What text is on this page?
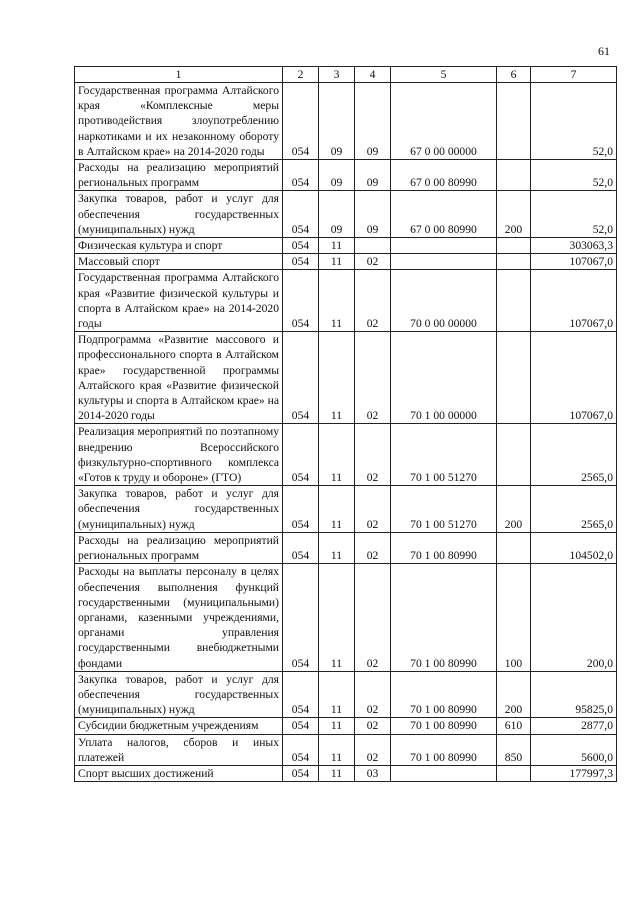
61
1	2	3	4	5	6	7
Государственная программа Алтайского края «Комплексные меры противодействия злоупотреблению наркотиками и их незаконному обороту в Алтайском крае» на 2014-2020 годы	054	09	09	67 0 00 00000		52,0
Расходы на реализацию мероприятий региональных программ	054	09	09	67 0 00 80990		52,0
Закупка товаров, работ и услуг для обеспечения государственных (муниципальных) нужд	054	09	09	67 0 00 80990	200	52,0
Физическая культура и спорт	054	11				303063,3
Массовый спорт	054	11	02			107067,0
Государственная программа Алтайского края «Развитие физической культуры и спорта в Алтайском крае» на 2014-2020 годы	054	11	02	70 0 00 00000		107067,0
Подпрограмма «Развитие массового и профессионального спорта в Алтайском крае» государственной программы Алтайского края «Развитие физической культуры и спорта в Алтайском крае» на 2014-2020 годы	054	11	02	70 1 00 00000		107067,0
Реализация мероприятий по поэтапному внедрению Всероссийского физкультурно-спортивного комплекса «Готов к труду и обороне» (ГТО)	054	11	02	70 1 00 51270		2565,0
Закупка товаров, работ и услуг для обеспечения государственных (муниципальных) нужд	054	11	02	70 1 00 51270	200	2565,0
Расходы на реализацию мероприятий региональных программ	054	11	02	70 1 00 80990		104502,0
Расходы на выплаты персоналу в целях обеспечения выполнения функций государственными (муниципальными) органами, казенными учреждениями, органами управления государственными внебюджетными фондами	054	11	02	70 1 00 80990	100	200,0
Закупка товаров, работ и услуг для обеспечения государственных (муниципальных) нужд	054	11	02	70 1 00 80990	200	95825,0
Субсидии бюджетным учреждениям	054	11	02	70 1 00 80990	610	2877,0
Уплата налогов, сборов и иных платежей	054	11	02	70 1 00 80990	850	5600,0
Спорт высших достижений	054	11	03			177997,3
